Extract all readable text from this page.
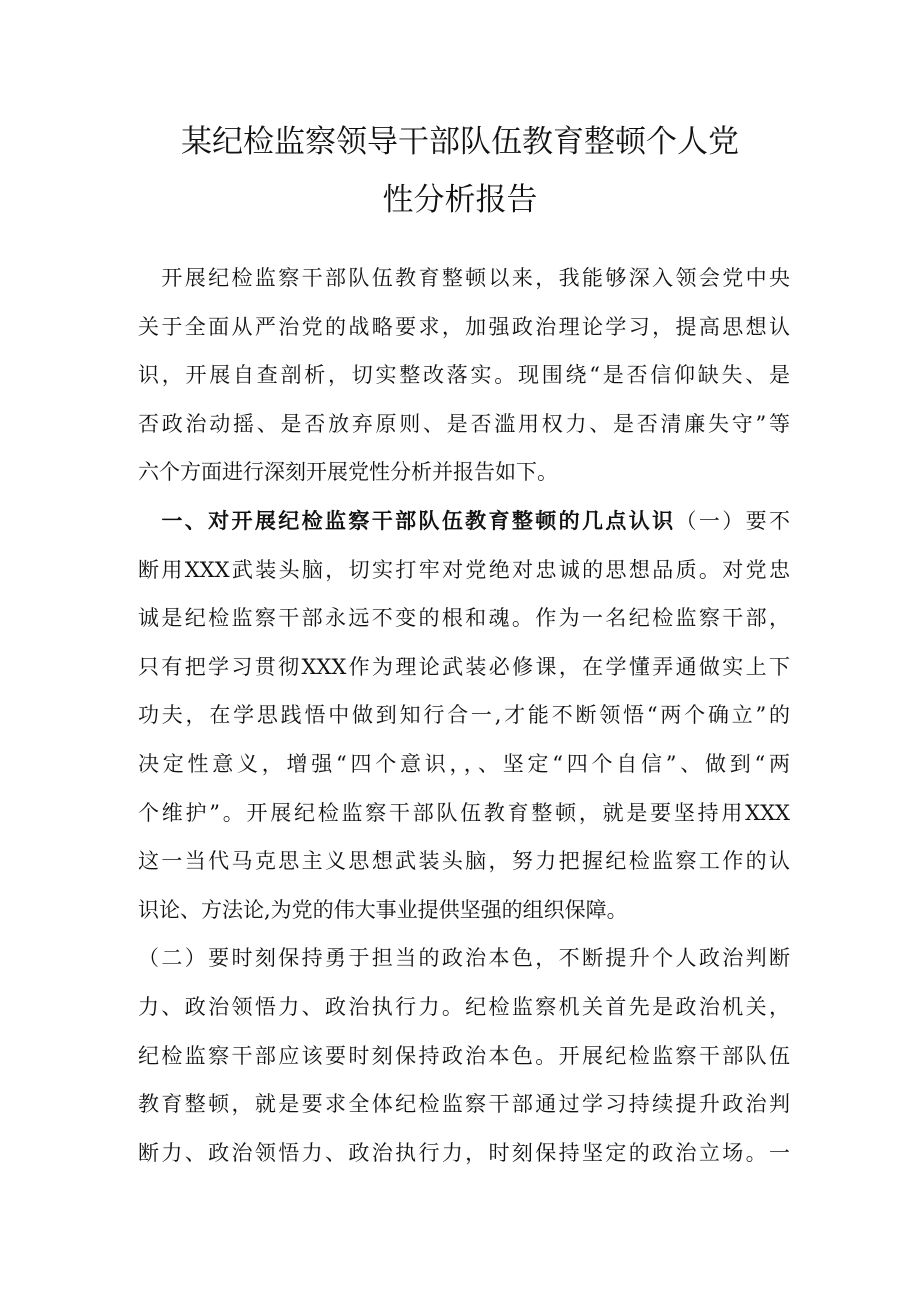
某纪检监察领导干部队伍教育整顿个人党
性分析报告
　开展纪检监察干部队伍教育整顿以来，我能够深入领会党中央
关于全面从严治党的战略要求，加强政治理论学习，提高思想认
识，开展自查剖析，切实整改落实。现围绕“是否信仰缺失、是
否政治动摇、是否放弃原则、是否滥用权力、是否清廉失守”等
六个方面进行深刻开展党性分析并报告如下。
　一、对开展纪检监察干部队伍教育整顿的几点认识（一）要不
断用XXX武装头脑，切实打牢对党绝对忠诚的思想品质。对党忠
诚是纪检监察干部永远不变的根和魂。作为一名纪检监察干部，
只有把学习贯彻XXX作为理论武装必修课，在学懂弄通做实上下
功夫，在学思践悟中做到知行合一,才能不断领悟“两个确立”的
决定性意义，增强“四个意识，，、坚定“四个自信”、做到“两
个维护”。开展纪检监察干部队伍教育整顿，就是要坚持用XXX
这一当代马克思主义思想武装头脑，努力把握纪检监察工作的认
识论、方法论,为党的伟大事业提供坚强的组织保障。
（二）要时刻保持勇于担当的政治本色，不断提升个人政治判断
力、政治领悟力、政治执行力。纪检监察机关首先是政治机关，
纪检监察干部应该要时刻保持政治本色。开展纪检监察干部队伍
教育整顿，就是要求全体纪检监察干部通过学习持续提升政治判
断力、政治领悟力、政治执行力，时刻保持坚定的政治立场。一
